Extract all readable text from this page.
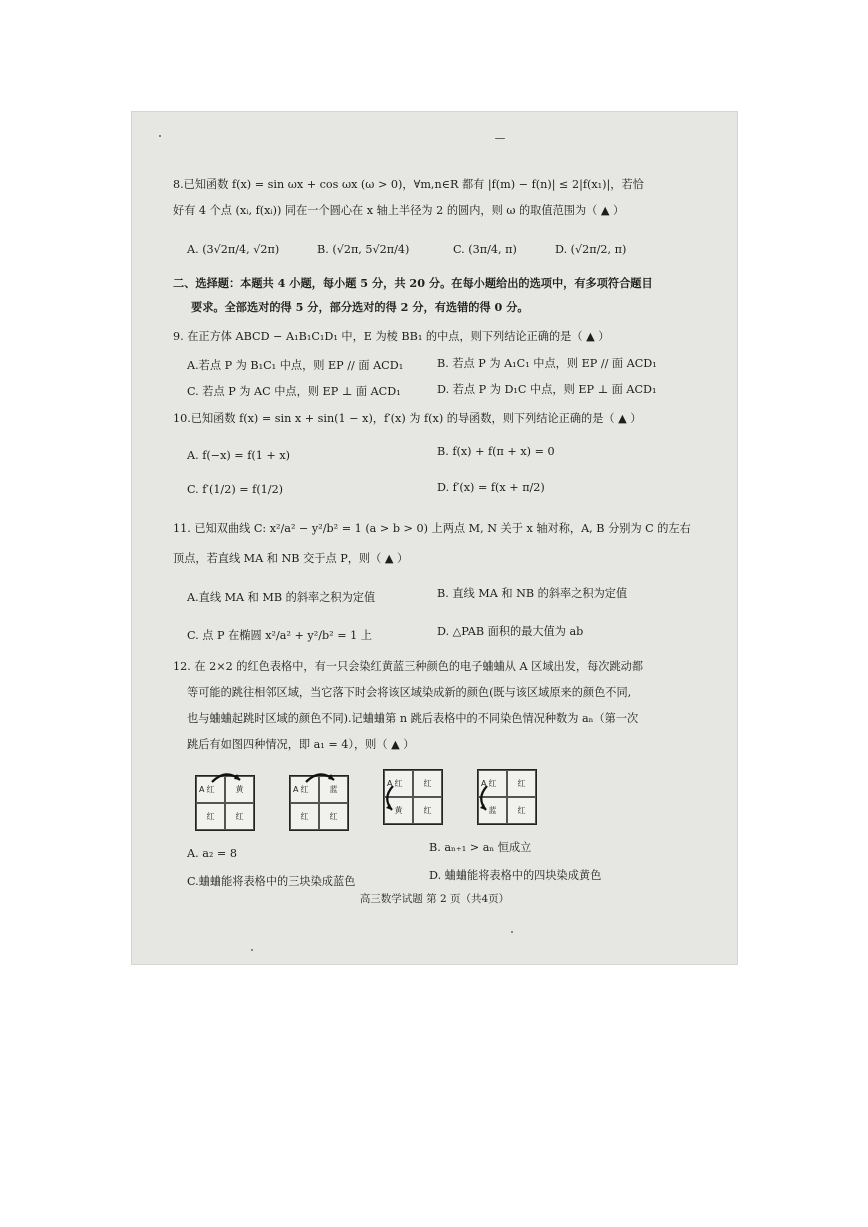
8.已知函数 f(x) = sin ωx + cos ωx (ω > 0)，∀m,n∈R 都有 |f(m) − f(n)| ≤ 2|f(x₁)|，若恰
好有 4 个点 (xᵢ, f(xᵢ)) 同在一个圆心在 x 轴上半径为 2 的圆内，则 ω 的取值范围为（ ▲ ）
A. (3√2π/4, √2π)	B. (√2π, 5√2π/4)	C. (3π/4, π)	D. (√2π/2, π)
二、选择题：本题共 4 小题，每小题 5 分，共 20 分。在每小题给出的选项中，有多项符合题目
要求。全部选对的得 5 分，部分选对的得 2 分，有选错的得 0 分。
9. 在正方体 ABCD − A₁B₁C₁D₁ 中，E 为棱 BB₁ 的中点，则下列结论正确的是（ ▲ ）
A.若点 P 为 B₁C₁ 中点，则 EP // 面 ACD₁	B. 若点 P 为 A₁C₁ 中点，则 EP // 面 ACD₁
C. 若点 P 为 AC 中点，则 EP ⊥ 面 ACD₁	D. 若点 P 为 D₁C 中点，则 EP ⊥ 面 ACD₁
10.已知函数 f(x) = sin x + sin(1 − x)，f′(x) 为 f(x) 的导函数，则下列结论正确的是（ ▲ ）
A. f(−x) = f(1 + x)	B. f(x) + f(π + x) = 0
C. f′(1/2) = f(1/2)	D. f′(x) = f(x + π/2)
11. 已知双曲线 C: x²/a² − y²/b² = 1 (a > b > 0) 上两点 M, N 关于 x 轴对称，A, B 分别为 C 的左右
顶点，若直线 MA 和 NB 交于点 P，则（ ▲ ）
A.直线 MA 和 MB 的斜率之积为定值	B. 直线 MA 和 NB 的斜率之积为定值
C. 点 P 在椭圆 x²/a² + y²/b² = 1 上	D. △PAB 面积的最大值为 ab
12. 在 2×2 的红色表格中，有一只会染红黄蓝三种颜色的电子蛐蛐从 A 区域出发，每次跳动都
等可能的跳往相邻区域，当它落下时会将该区域染成新的颜色(既与该区域原来的颜色不同,
也与蛐蛐起跳时区域的颜色不同).记蛐蛐第 n 跳后表格中的不同染色情况种数为 aₙ（第一次
跳后有如图四种情况，即 a₁ = 4），则（ ▲ ）
红	黄
红	红
A	红	蓝
红	红
A
红	红
黄	红
A	红	红
蓝	红
A
A. a₂ = 8	B. aₙ₊₁ > aₙ 恒成立
C.蛐蛐能将表格中的三块染成蓝色	D. 蛐蛐能将表格中的四块染成黄色
高三数学试题 第 2 页（共4页）
